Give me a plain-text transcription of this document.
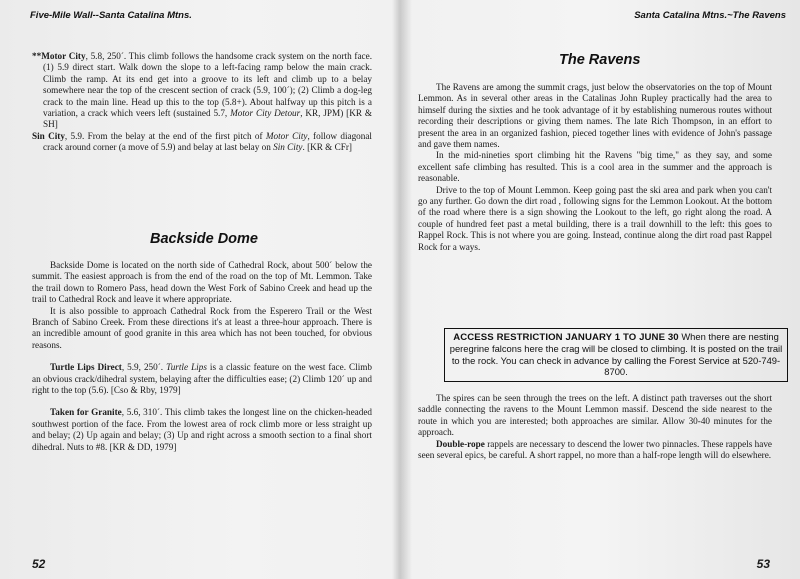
Five-Mile Wall--Santa Catalina Mtns.

**Motor City, 5.8, 250´. This climb follows the handsome crack system on the north face. (1) 5.9 direct start. Walk down the slope to a left-facing ramp below the main crack. Climb the ramp. At its end get into a groove to its left and climb up to a belay somewhere near the top of the crescent section of crack (5.9, 100´); (2) Climb a dog-leg crack to the main line. Head up this to the top (5.8+). About halfway up this pitch is a variation, a crack which veers left (sustained 5.7, Motor City Detour, KR, JPM) [KR & SH]

Sin City, 5.9. From the belay at the end of the first pitch of Motor City, follow diagonal crack around corner (a move of 5.9) and belay at last belay on Sin City. [KR & CFr]

Backside Dome

Backside Dome is located on the north side of Cathedral Rock, about 500´ below the summit. The easiest approach is from the end of the road on the top of Mt. Lemmon. Take the trail down to Romero Pass, head down the West Fork of Sabino Creek and head up the trail to Cathedral Rock and leave it where appropriate.

It is also possible to approach Cathedral Rock from the Esperero Trail or the West Branch of Sabino Creek. From these directions it's at least a three-hour approach. There is an incredible amount of good granite in this area which has not been touched, for obvious reasons.

Turtle Lips Direct, 5.9, 250´. Turtle Lips is a classic feature on the west face. Climb an obvious crack/dihedral system, belaying after the difficulties ease; (2) Climb 120´ up and right to the top (5.6). [Cso & Rby, 1979]

Taken for Granite, 5.6, 310´. This climb takes the longest line on the chicken-headed southwest portion of the face. From the lowest area of rock climb more or less straight up and belay; (2) Up again and belay; (3) Up and right across a smooth section to a final short dihedral. Nuts to #8. [KR & DD, 1979]

52
Santa Catalina Mtns.~The Ravens
The Ravens

The Ravens are among the summit crags, just below the observatories on the top of Mount Lemmon. As in several other areas in the Catalinas John Rupley practically had the area to himself during the sixties and he took advantage of it by establishing numerous routes without recording their descriptions or giving them names. The late Rich Thompson, in an effort to present the area in an organized fashion, pieced together lines with evidence of John's passage and gave them names.

In the mid-nineties sport climbing hit the Ravens "big time," as they say, and some excellent safe climbing has resulted. This is a cool area in the summer and the approach is reasonable.

Drive to the top of Mount Lemmon. Keep going past the ski area and park when you can't go any further. Go down the dirt road , following signs for the Lemmon Lookout. At the bottom of the road where there is a sign showing the Lookout to the left, go right along the road. A couple of hundred feet past a metal building, there is a trail downhill to the left: this goes to Rappel Rock. This is not where you are going. Instead, continue along the dirt road past Rappel Rock for a ways.

ACCESS RESTRICTION JANUARY 1 TO JUNE 30 When there are nesting peregrine falcons here the crag will be closed to climbing. It is posted on the trail to the rock. You can check in advance by calling the Forest Service at 520-749-8700.

The spires can be seen through the trees on the left. A distinct path traverses out the short saddle connecting the ravens to the Mount Lemmon massif. Descend the side nearest to the route in which you are interested; both approaches are similar. Allow 30-40 minutes for the approach.

Double-rope rappels are necessary to descend the lower two pinnacles. These rappels have seen several epics, be careful. A short rappel, no more than a half-rope length will do elsewhere.

53
